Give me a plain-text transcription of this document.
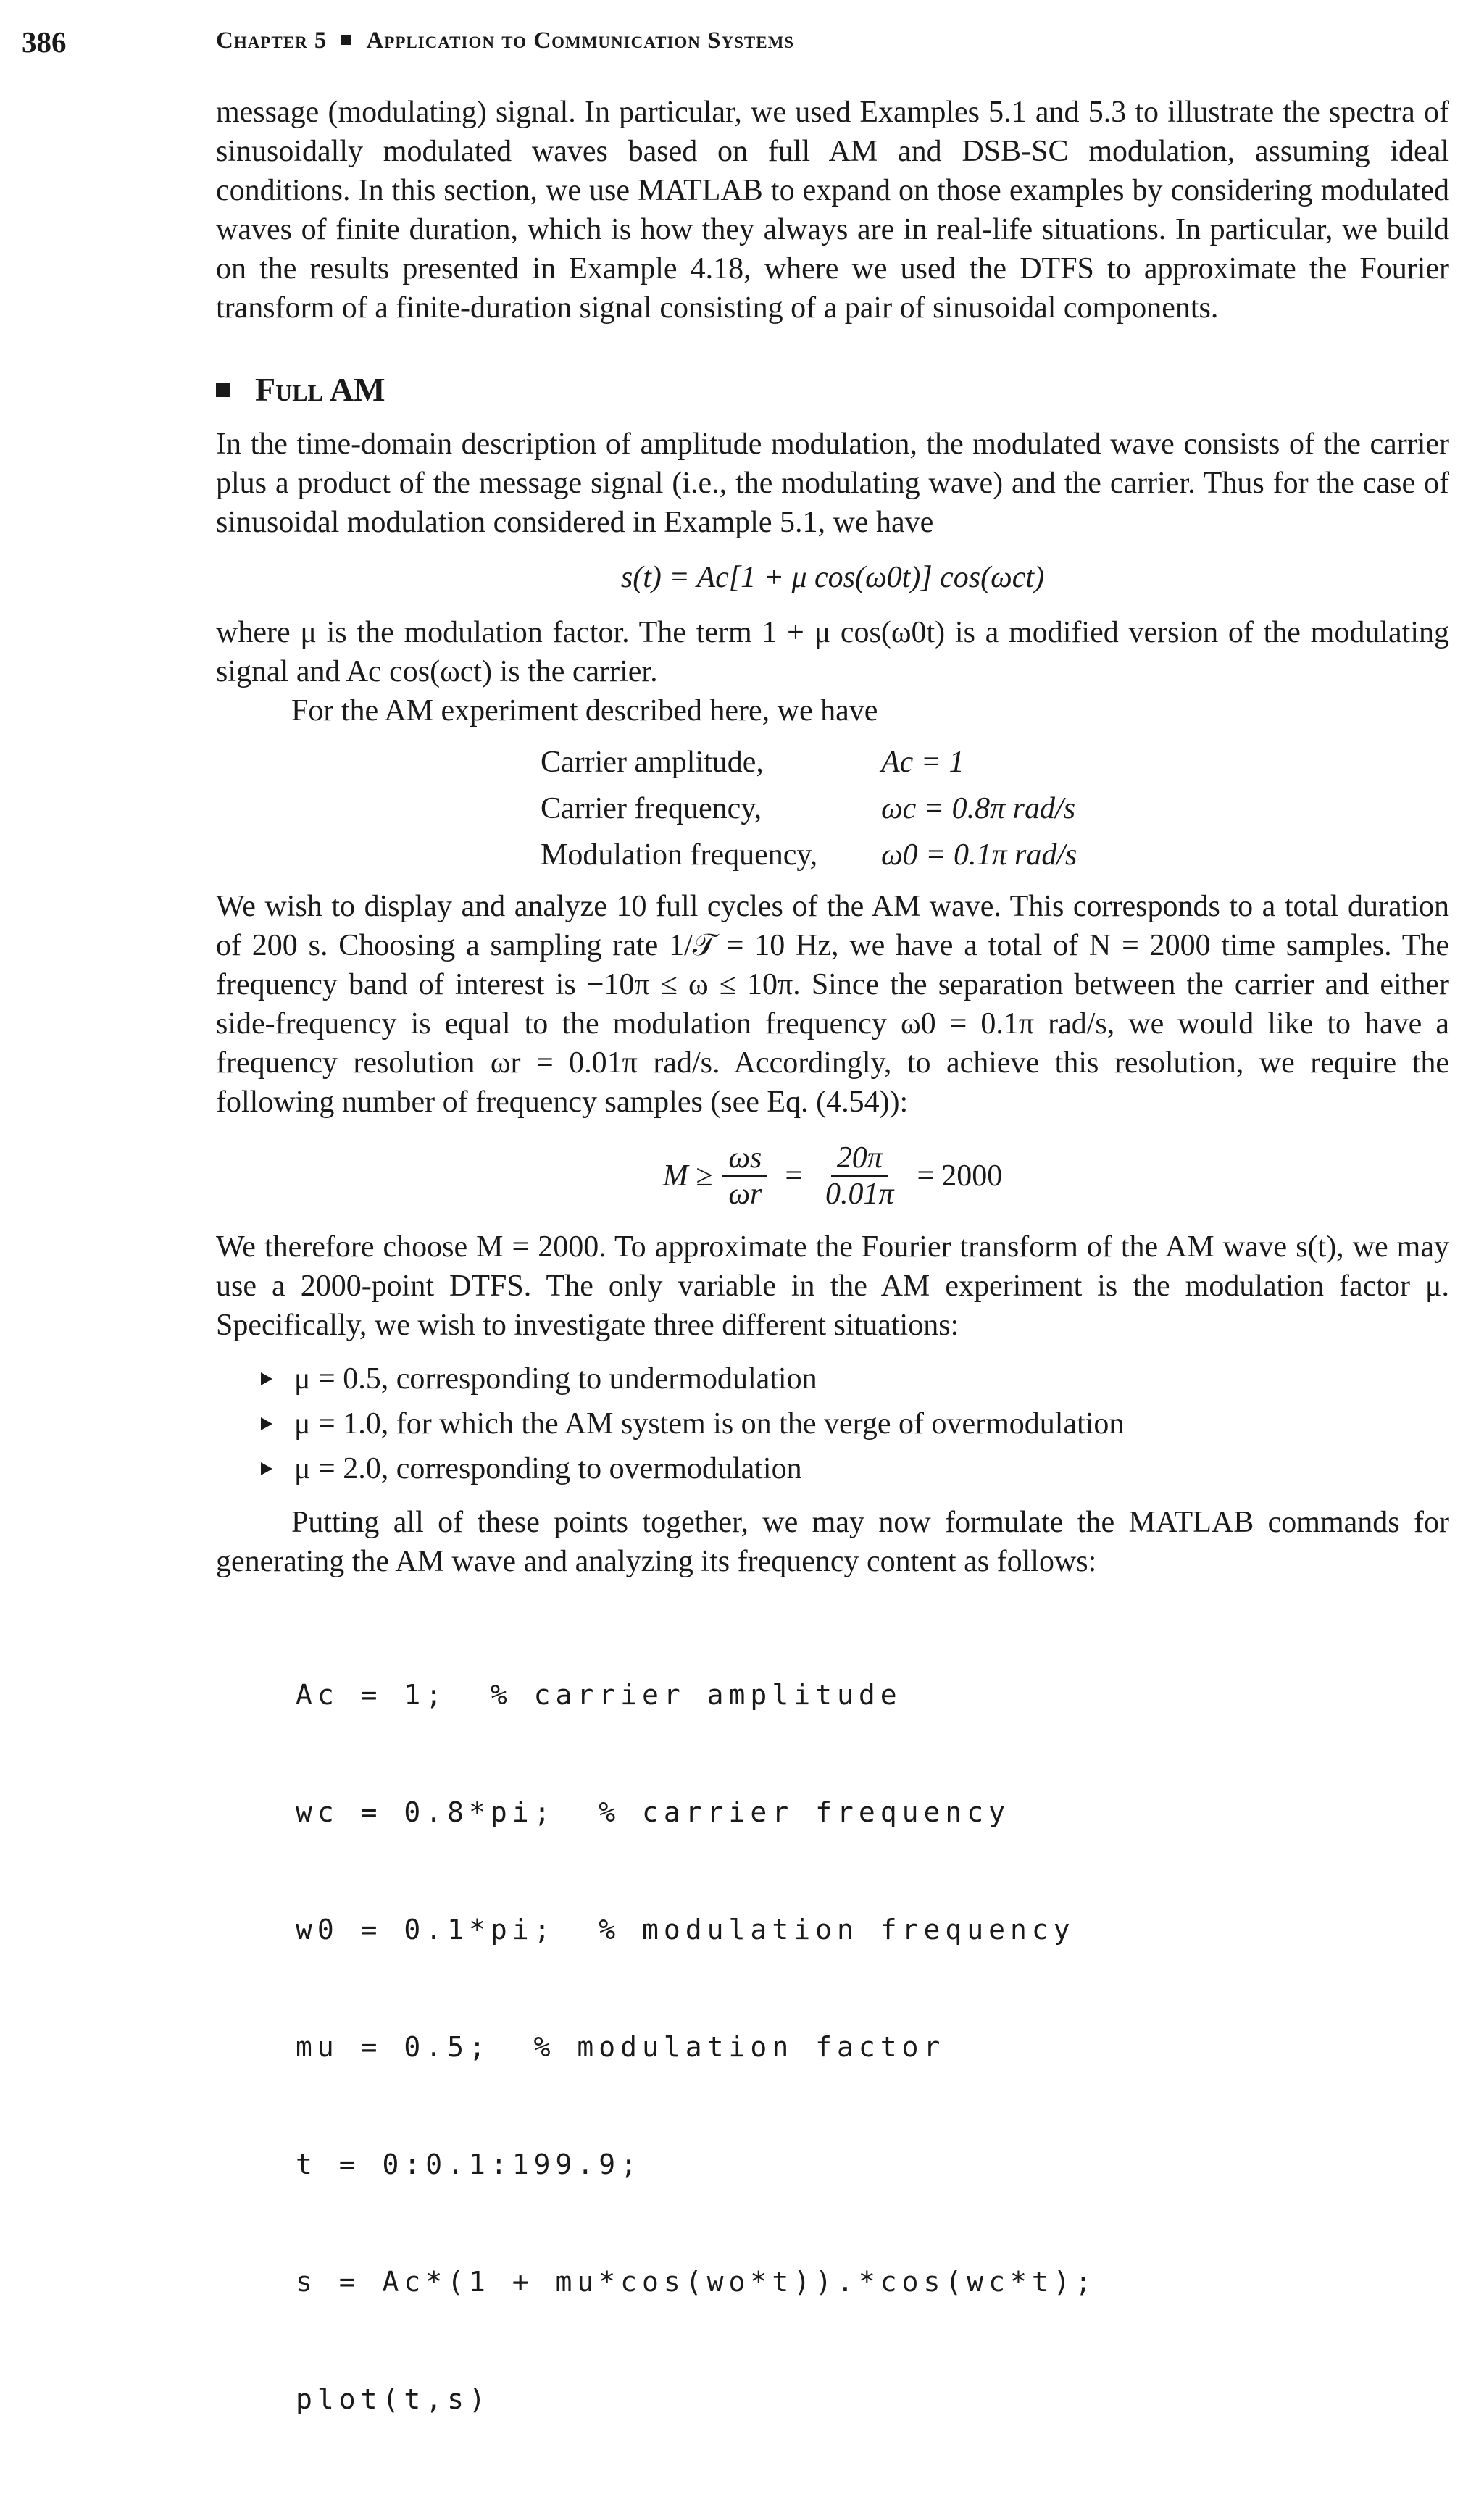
386	Chapter 5 Application to Communication Systems

message (modulating) signal. In particular, we used Examples 5.1 and 5.3 to illustrate the spectra of sinusoidally modulated waves based on full AM and DSB-SC modulation, assuming ideal conditions. In this section, we use MATLAB to expand on those examples by considering modulated waves of finite duration, which is how they always are in real-life situations. In particular, we build on the results presented in Example 4.18, where we used the DTFS to approximate the Fourier transform of a finite-duration signal consisting of a pair of sinusoidal components.

Full AM

In the time-domain description of amplitude modulation, the modulated wave consists of the carrier plus a product of the message signal (i.e., the modulating wave) and the carrier. Thus for the case of sinusoidal modulation considered in Example 5.1, we have

s(t) = Ac[1 + μ cos(ω0t)] cos(ωct)

where μ is the modulation factor. The term 1 + μ cos(ω0t) is a modified version of the modulating signal and Ac cos(ωct) is the carrier.

For the AM experiment described here, we have

Carrier amplitude,	Ac = 1
Carrier frequency,	ωc = 0.8π rad/s
Modulation frequency,	ω0 = 0.1π rad/s

We wish to display and analyze 10 full cycles of the AM wave. This corresponds to a total duration of 200 s. Choosing a sampling rate 1/𝒯 = 10 Hz, we have a total of N = 2000 time samples. The frequency band of interest is −10π ≤ ω ≤ 10π. Since the separation between the carrier and either side-frequency is equal to the modulation frequency ω0 = 0.1π rad/s, we would like to have a frequency resolution ωr = 0.01π rad/s. Accordingly, to achieve this resolution, we require the following number of frequency samples (see Eq. (4.54)):

$M \ge \frac{\omega s}{\omega r} = \frac{20\pi}{0.01\pi} = 2000$

We therefore choose M = 2000. To approximate the Fourier transform of the AM wave s(t), we may use a 2000-point DTFS. The only variable in the AM experiment is the modulation factor μ. Specifically, we wish to investigate three different situations:

μ = 0.5, corresponding to undermodulation
μ = 1.0, for which the AM system is on the verge of overmodulation
μ = 2.0, corresponding to overmodulation

Putting all of these points together, we may now formulate the MATLAB commands for generating the AM wave and analyzing its frequency content as follows:

Ac = 1;  % carrier amplitude

wc = 0.8*pi;  % carrier frequency

w0 = 0.1*pi;  % modulation frequency

mu = 0.5;  % modulation factor

t = 0:0.1:199.9;

s = Ac*(1 + mu*cos(wo*t)).*cos(wc*t);

plot(t,s)
